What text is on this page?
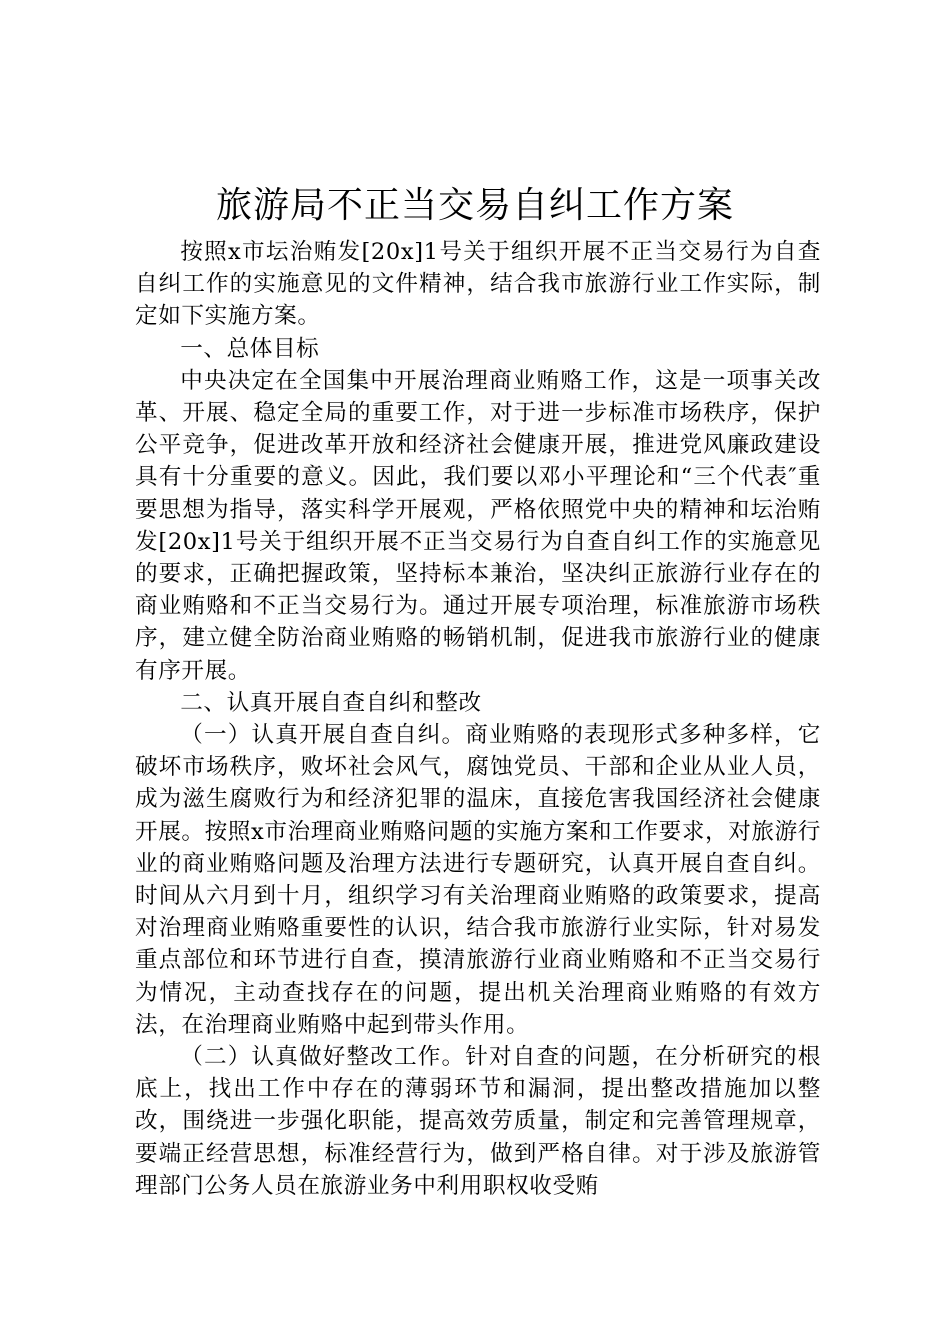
旅游局不正当交易自纠工作方案

按照x市坛治贿发[20x]1号关于组织开展不正当交易行为自查自纠工作的实施意见的文件精神，结合我市旅游行业工作实际，制定如下实施方案。

一、总体目标

中央决定在全国集中开展治理商业贿赂工作，这是一项事关改革、开展、稳定全局的重要工作，对于进一步标准市场秩序，保护公平竞争，促进改革开放和经济社会健康开展，推进党风廉政建设具有十分重要的意义。因此，我们要以邓小平理论和“三个代表″重要思想为指导，落实科学开展观，严格依照党中央的精神和坛治贿发[20x]1号关于组织开展不正当交易行为自查自纠工作的实施意见的要求，正确把握政策，坚持标本兼治，坚决纠正旅游行业存在的商业贿赂和不正当交易行为。通过开展专项治理，标准旅游市场秩序，建立健全防治商业贿赂的畅销机制，促进我市旅游行业的健康有序开展。

二、认真开展自查自纠和整改

（一）认真开展自查自纠。商业贿赂的表现形式多种多样，它破坏市场秩序，败坏社会风气，腐蚀党员、干部和企业从业人员，成为滋生腐败行为和经济犯罪的温床，直接危害我国经济社会健康开展。按照x市治理商业贿赂问题的实施方案和工作要求，对旅游行业的商业贿赂问题及治理方法进行专题研究，认真开展自查自纠。时间从六月到十月，组织学习有关治理商业贿赂的政策要求，提高对治理商业贿赂重要性的认识，结合我市旅游行业实际，针对易发重点部位和环节进行自查，摸清旅游行业商业贿赂和不正当交易行为情况，主动查找存在的问题，提出机关治理商业贿赂的有效方法，在治理商业贿赂中起到带头作用。

（二）认真做好整改工作。针对自查的问题，在分析研究的根底上，找出工作中存在的薄弱环节和漏洞，提出整改措施加以整改，围绕进一步强化职能，提高效劳质量，制定和完善管理规章，要端正经营思想，标准经营行为，做到严格自律。对于涉及旅游管理部门公务人员在旅游业务中利用职权收受贿
